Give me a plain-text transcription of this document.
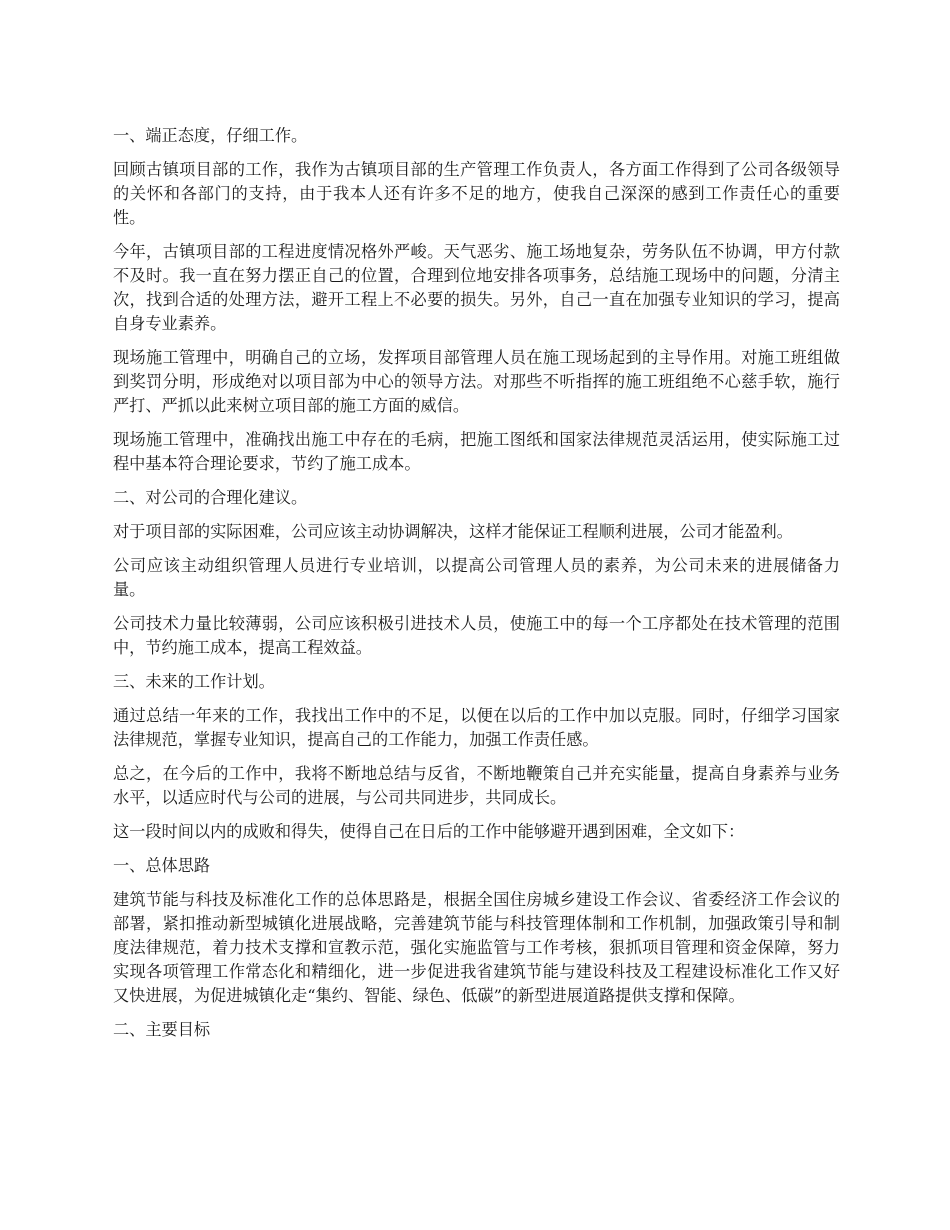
一、端正态度，仔细工作。

回顾古镇项目部的工作，我作为古镇项目部的生产管理工作负责人，各方面工作得到了公司各级领导的关怀和各部门的支持，由于我本人还有许多不足的地方，使我自己深深的感到工作责任心的重要性。

今年，古镇项目部的工程进度情况格外严峻。天气恶劣、施工场地复杂，劳务队伍不协调，甲方付款不及时。我一直在努力摆正自己的位置，合理到位地安排各项事务，总结施工现场中的问题，分清主次，找到合适的处理方法，避开工程上不必要的损失。另外，自己一直在加强专业知识的学习，提高自身专业素养。

现场施工管理中，明确自己的立场，发挥项目部管理人员在施工现场起到的主导作用。对施工班组做到奖罚分明，形成绝对以项目部为中心的领导方法。对那些不听指挥的施工班组绝不心慈手软，施行严打、严抓以此来树立项目部的施工方面的威信。

现场施工管理中，准确找出施工中存在的毛病，把施工图纸和国家法律规范灵活运用，使实际施工过程中基本符合理论要求，节约了施工成本。

二、对公司的合理化建议。

对于项目部的实际困难，公司应该主动协调解决，这样才能保证工程顺利进展，公司才能盈利。

公司应该主动组织管理人员进行专业培训，以提高公司管理人员的素养，为公司未来的进展储备力量。

公司技术力量比较薄弱，公司应该积极引进技术人员，使施工中的每一个工序都处在技术管理的范围中，节约施工成本，提高工程效益。

三、未来的工作计划。

通过总结一年来的工作，我找出工作中的不足，以便在以后的工作中加以克服。同时，仔细学习国家法律规范，掌握专业知识，提高自己的工作能力，加强工作责任感。

总之，在今后的工作中，我将不断地总结与反省，不断地鞭策自己并充实能量，提高自身素养与业务水平，以适应时代与公司的进展，与公司共同进步，共同成长。

这一段时间以内的成败和得失，使得自己在日后的工作中能够避开遇到困难，全文如下：

一、总体思路

建筑节能与科技及标准化工作的总体思路是，根据全国住房城乡建设工作会议、省委经济工作会议的部署，紧扣推动新型城镇化进展战略，完善建筑节能与科技管理体制和工作机制，加强政策引导和制度法律规范，着力技术支撑和宣教示范，强化实施监管与工作考核，狠抓项目管理和资金保障，努力实现各项管理工作常态化和精细化，进一步促进我省建筑节能与建设科技及工程建设标准化工作又好又快进展，为促进城镇化走“集约、智能、绿色、低碳”的新型进展道路提供支撑和保障。

二、主要目标
